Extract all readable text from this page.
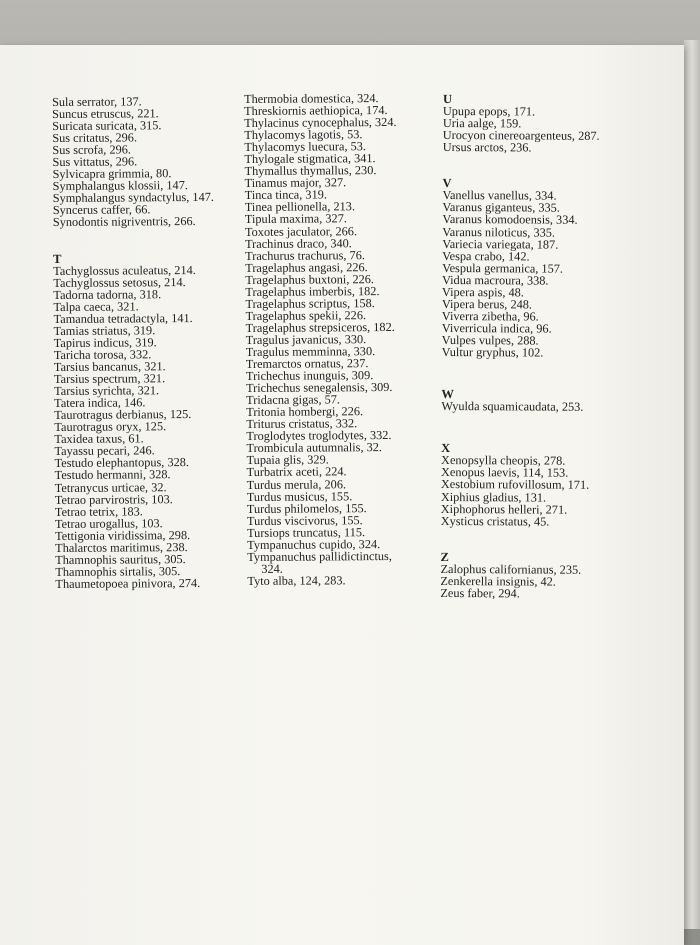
Sula serrator, 137.
Suncus etruscus, 221.
Suricata suricata, 315.
Sus critatus, 296.
Sus scrofa, 296.
Sus vittatus, 296.
Sylvicapra grimmia, 80.
Symphalangus klossii, 147.
Symphalangus syndactylus, 147.
Syncerus caffer, 66.
Synodontis nigriventris, 266.
T
Tachyglossus aculeatus, 214.
Tachyglossus setosus, 214.
Tadorna tadorna, 318.
Talpa caeca, 321.
Tamandua tetradactyla, 141.
Tamias striatus, 319.
Tapirus indicus, 319.
Taricha torosa, 332.
Tarsius bancanus, 321.
Tarsius spectrum, 321.
Tarsius syrichta, 321.
Tatera indica, 146.
Taurotragus derbianus, 125.
Taurotragus oryx, 125.
Taxidea taxus, 61.
Tayassu pecari, 246.
Testudo elephantopus, 328.
Testudo hermanni, 328.
Tetranycus urticae, 32.
Tetrao parvirostris, 103.
Tetrao tetrix, 183.
Tetrao urogallus, 103.
Tettigonia viridissima, 298.
Thalarctos maritimus, 238.
Thamnophis sauritus, 305.
Thamnophis sirtalis, 305.
Thaumetopoea pinivora, 274.
Thermobia domestica, 324.
Threskiornis aethiopica, 174.
Thylacinus cynocephalus, 324.
Thylacomys lagotis, 53.
Thylacomys luecura, 53.
Thylogale stigmatica, 341.
Thymallus thymallus, 230.
Tinamus major, 327.
Tinca tinca, 319.
Tinea pellionella, 213.
Tipula maxima, 327.
Toxotes jaculator, 266.
Trachinus draco, 340.
Trachurus trachurus, 76.
Tragelaphus angasi, 226.
Tragelaphus buxtoni, 226.
Tragelaphus imberbis, 182.
Tragelaphus scriptus, 158.
Tragelaphus spekii, 226.
Tragelaphus strepsiceros, 182.
Tragulus javanicus, 330.
Tragulus memminna, 330.
Tremarctos ornatus, 237.
Trichechus inunguis, 309.
Trichechus senegalensis, 309.
Tridacna gigas, 57.
Tritonia hombergi, 226.
Triturus cristatus, 332.
Troglodytes troglodytes, 332.
Trombicula autumnalis, 32.
Tupaia glis, 329.
Turbatrix aceti, 224.
Turdus merula, 206.
Turdus musicus, 155.
Turdus philomelos, 155.
Turdus viscivorus, 155.
Tursiops truncatus, 115.
Tympanuchus cupido, 324.
Tympanuchus pallidictinctus,
324.
Tyto alba, 124, 283.
U
Upupa epops, 171.
Uria aalge, 159.
Urocyon cinereoargenteus, 287.
Ursus arctos, 236.
V
Vanellus vanellus, 334.
Varanus giganteus, 335.
Varanus komodoensis, 334.
Varanus niloticus, 335.
Variecia variegata, 187.
Vespa crabo, 142.
Vespula germanica, 157.
Vidua macroura, 338.
Vipera aspis, 48.
Vipera berus, 248.
Viverra zibetha, 96.
Viverricula indica, 96.
Vulpes vulpes, 288.
Vultur gryphus, 102.
W
Wyulda squamicaudata, 253.
X
Xenopsylla cheopis, 278.
Xenopus laevis, 114, 153.
Xestobium rufovillosum, 171.
Xiphius gladius, 131.
Xiphophorus helleri, 271.
Xysticus cristatus, 45.
Z
Zalophus californianus, 235.
Zenkerella insignis, 42.
Zeus faber, 294.
